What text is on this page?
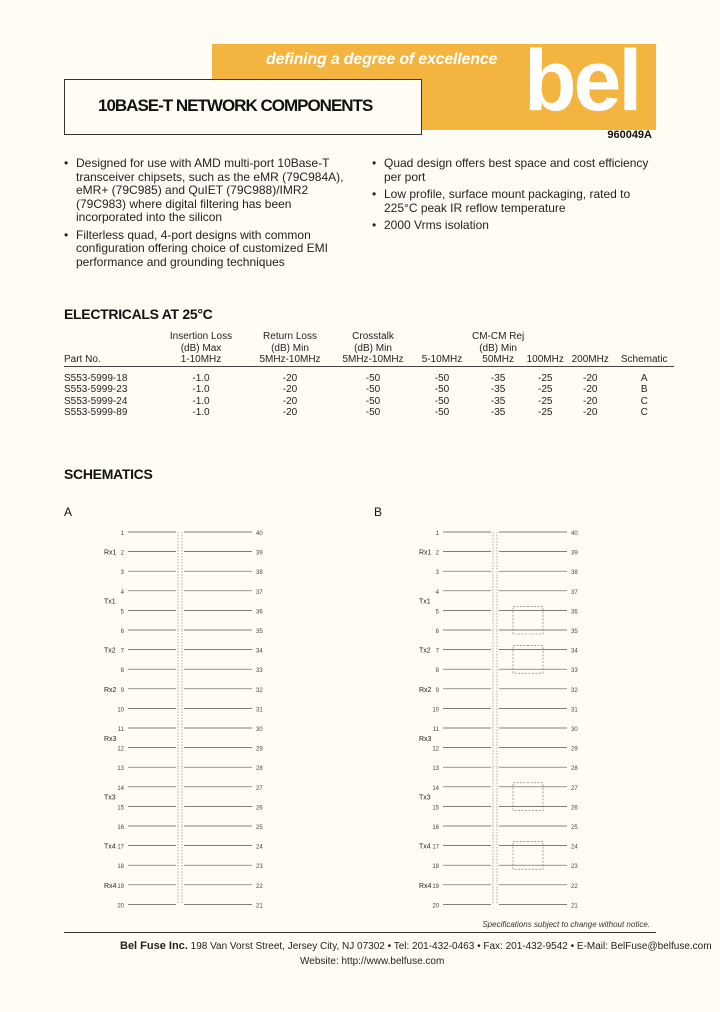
defining a degree of excellence bel
10BASE-T NETWORK COMPONENTS
960049A
• Designed for use with AMD multi-port 10Base-T transceiver chipsets, such as the eMR (79C984A), eMR+ (79C985) and QuIET (79C988)/IMR2 (79C983) where digital filtering has been incorporated into the silicon
• Filterless quad, 4-port designs with common configuration offering choice of customized EMI performance and grounding techniques
• Quad design offers best space and cost efficiency per port
• Low profile, surface mount packaging, rated to 225°C peak IR reflow temperature
• 2000 Vrms isolation
ELECTRICALS AT 25°C
	Insertion Loss	Return Loss	Crosstalk		CM-CM Rej			
	(dB) Max	(dB) Min	(dB) Min		(dB) Min			
Part No.	1-10MHz	5MHz-10MHz	5MHz-10MHz	5-10MHz	50MHz	100MHz	200MHz	Schematic
S553-5999-18	-1.0	-20	-50	-50	-35	-25	-20	A
S553-5999-23	-1.0	-20	-50	-50	-35	-25	-20	B
S553-5999-24	-1.0	-20	-50	-50	-35	-25	-20	C
S553-5999-89	-1.0	-20	-50	-50	-35	-25	-20	C
SCHEMATICS
A	B
1	40
2	39
3	38
4	37
5	36
6	35
7	34
8	33
9	32
10	31
11	30
12	29
13	28
14	27
15	26
16	25
17	24
18	23
19	22
20	21
Rx1
Tx1
Tx2
Rx2
Rx3
Tx3
Tx4
Rx4
1	40
2	39
3	38
4	37
5	36
6	35
7	34
8	33
9	32
10	31
11	30
12	29
13	28
14	27
15	26
16	25
17	24
18	23
19	22
20	21
Rx1
Tx1
Tx2
Rx2
Rx3
Tx3
Tx4
Rx4
Specifications subject to change without notice.
Bel Fuse Inc. 198 Van Vorst Street, Jersey City, NJ 07302 • Tel: 201-432-0463 • Fax: 201-432-9542 • E-Mail: BelFuse@belfuse.com
Website: http://www.belfuse.com
